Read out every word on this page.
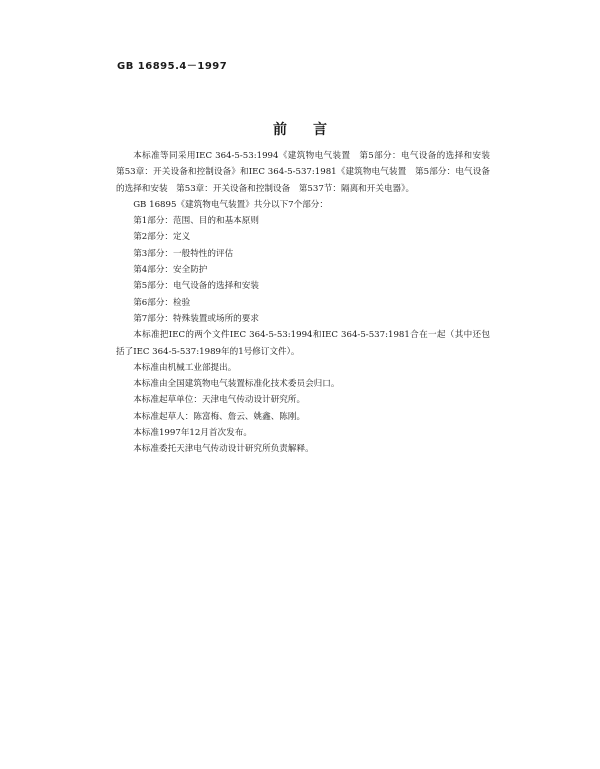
GB 16895.4－1997
前言

本标准等同采用IEC 364-5-53:1994《建筑物电气装置　第5部分：电气设备的选择和安装　第53章：开关设备和控制设备》和IEC 364-5-537:1981《建筑物电气装置　第5部分：电气设备的选择和安装　第53章：开关设备和控制设备　第537节：隔离和开关电器》。

GB 16895《建筑物电气装置》共分以下7个部分：

第1部分：范围、目的和基本原则
第2部分：定义
第3部分：一般特性的评估
第4部分：安全防护
第5部分：电气设备的选择和安装
第6部分：检验
第7部分：特殊装置或场所的要求

本标准把IEC的两个文件IEC 364-5-53:1994和IEC 364-5-537:1981合在一起（其中还包括了IEC 364-5-537:1989年的1号修订文件）。

本标准由机械工业部提出。

本标准由全国建筑物电气装置标准化技术委员会归口。

本标准起草单位：天津电气传动设计研究所。

本标准起草人：陈富梅、詹云、姚鑫、陈刚。

本标准1997年12月首次发布。

本标准委托天津电气传动设计研究所负责解释。
